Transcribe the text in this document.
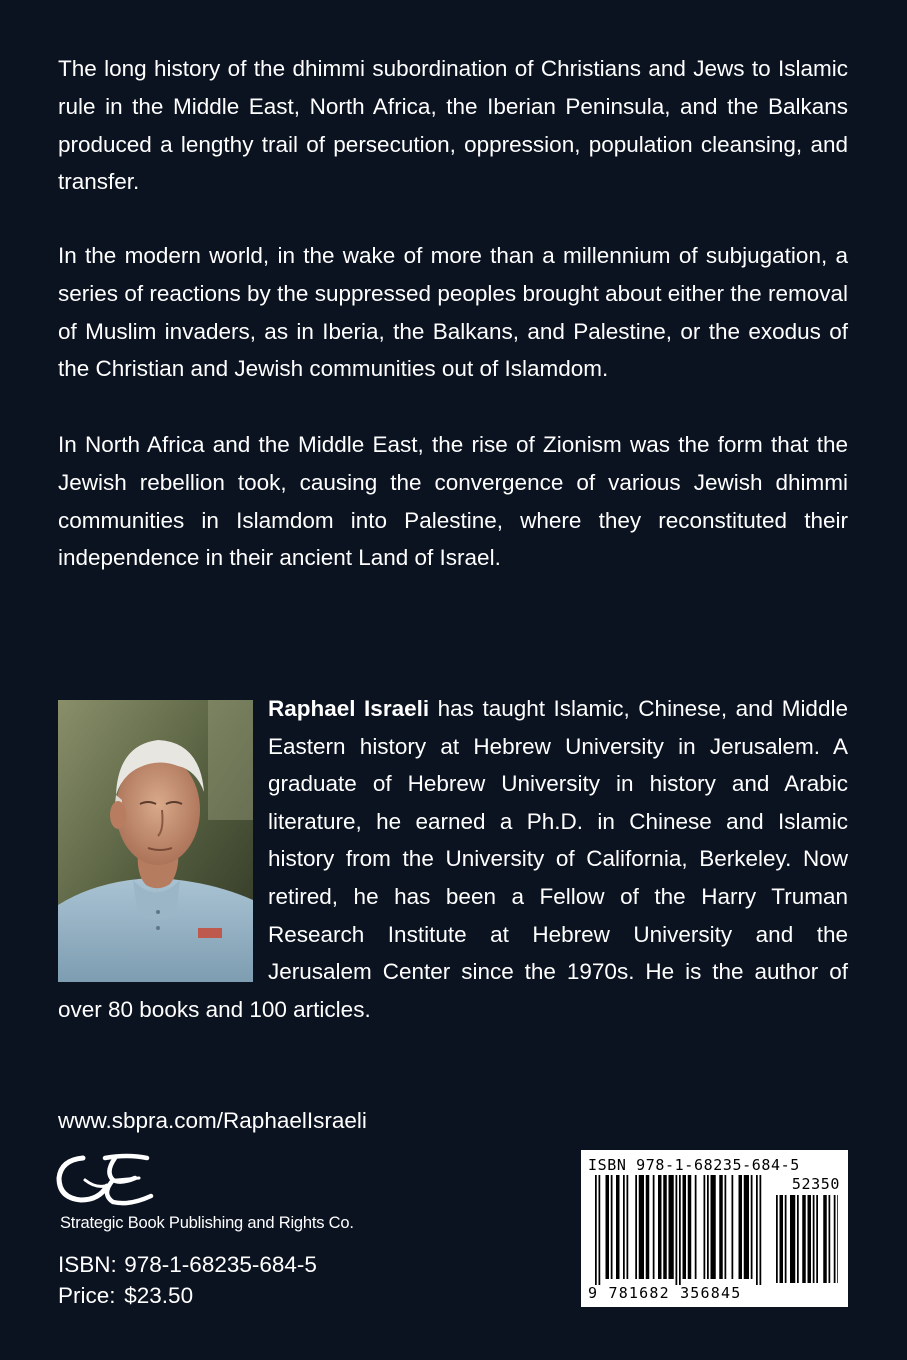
The long history of the dhimmi subordination of Christians and Jews to Islamic rule in the Middle East, North Africa, the Iberian Peninsula, and the Balkans produced a lengthy trail of persecution, oppression, population cleansing, and transfer.

In the modern world, in the wake of more than a millennium of subjugation, a series of reactions by the suppressed peoples brought about either the removal of Muslim invaders, as in Iberia, the Balkans, and Palestine, or the exodus of the Christian and Jewish communities out of Islamdom.

In North Africa and the Middle East, the rise of Zionism was the form that the Jewish rebellion took, causing the convergence of various Jewish dhimmi communities in Islamdom into Palestine, where they reconstituted their independence in their ancient Land of Israel.

Raphael Israeli has taught Islamic, Chinese, and Middle Eastern history at Hebrew University in Jerusalem. A graduate of Hebrew University in history and Arabic literature, he earned a Ph.D. in Chinese and Islamic history from the University of California, Berkeley. Now retired, he has been a Fellow of the Harry Truman Research Institute at Hebrew University and the Jerusalem Center since the 1970s. He is the author of over 80 books and 100 articles.
www.sbpra.com/RaphaelIsraeli
Strategic Book Publishing and Rights Co.
ISBN: 978-1-68235-684-5
Price: $23.50
ISBN 978-1-68235-684-5
52350
9 781682 356845
